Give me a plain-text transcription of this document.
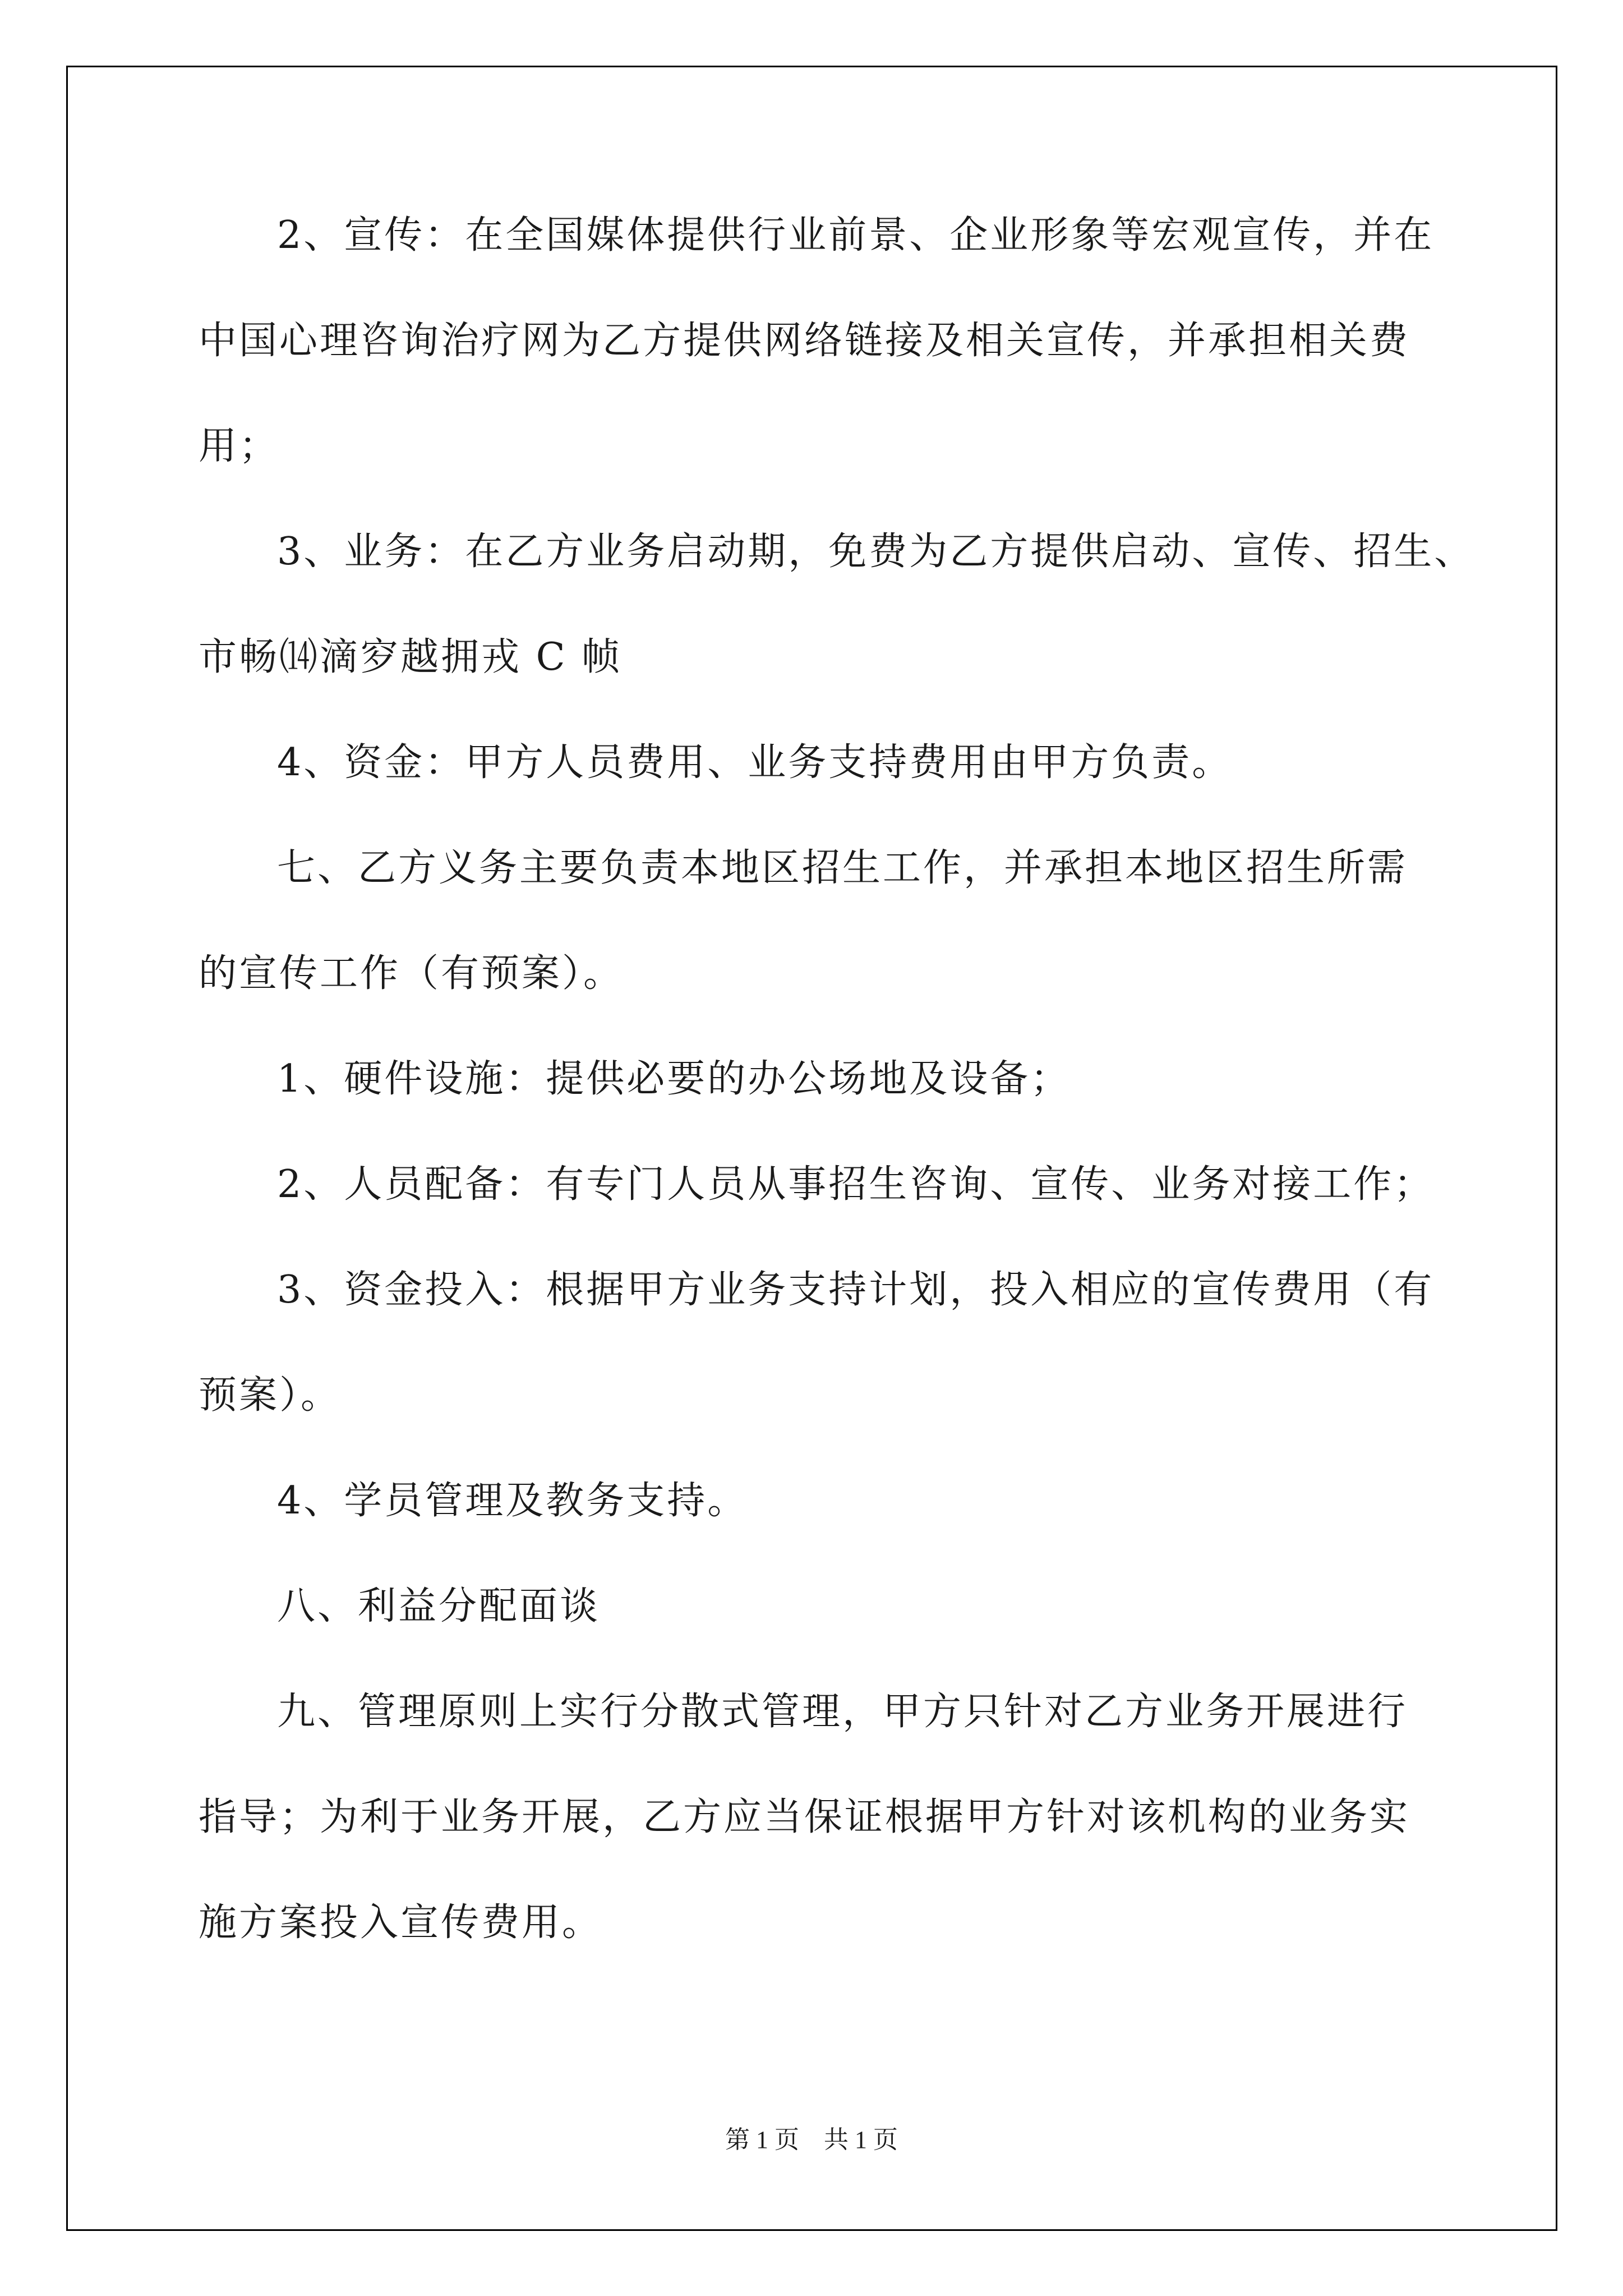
2、宣传：在全国媒体提供行业前景、企业形象等宏观宣传，并在
中国心理咨询治疗网为乙方提供网络链接及相关宣传，并承担相关费
用；
3、业务：在乙方业务启动期，免费为乙方提供启动、宣传、招生、
市畅⒁滴穸越拥戎 C 帧
4、资金：甲方人员费用、业务支持费用由甲方负责。
七、乙方义务主要负责本地区招生工作，并承担本地区招生所需
的宣传工作（有预案）。
1、硬件设施：提供必要的办公场地及设备；
2、人员配备：有专门人员从事招生咨询、宣传、业务对接工作；
3、资金投入：根据甲方业务支持计划，投入相应的宣传费用（有
预案）。
4、学员管理及教务支持。
八、利益分配面谈
九、管理原则上实行分散式管理，甲方只针对乙方业务开展进行
指导；为利于业务开展，乙方应当保证根据甲方针对该机构的业务实
施方案投入宣传费用。
第 1 页    共 1 页
